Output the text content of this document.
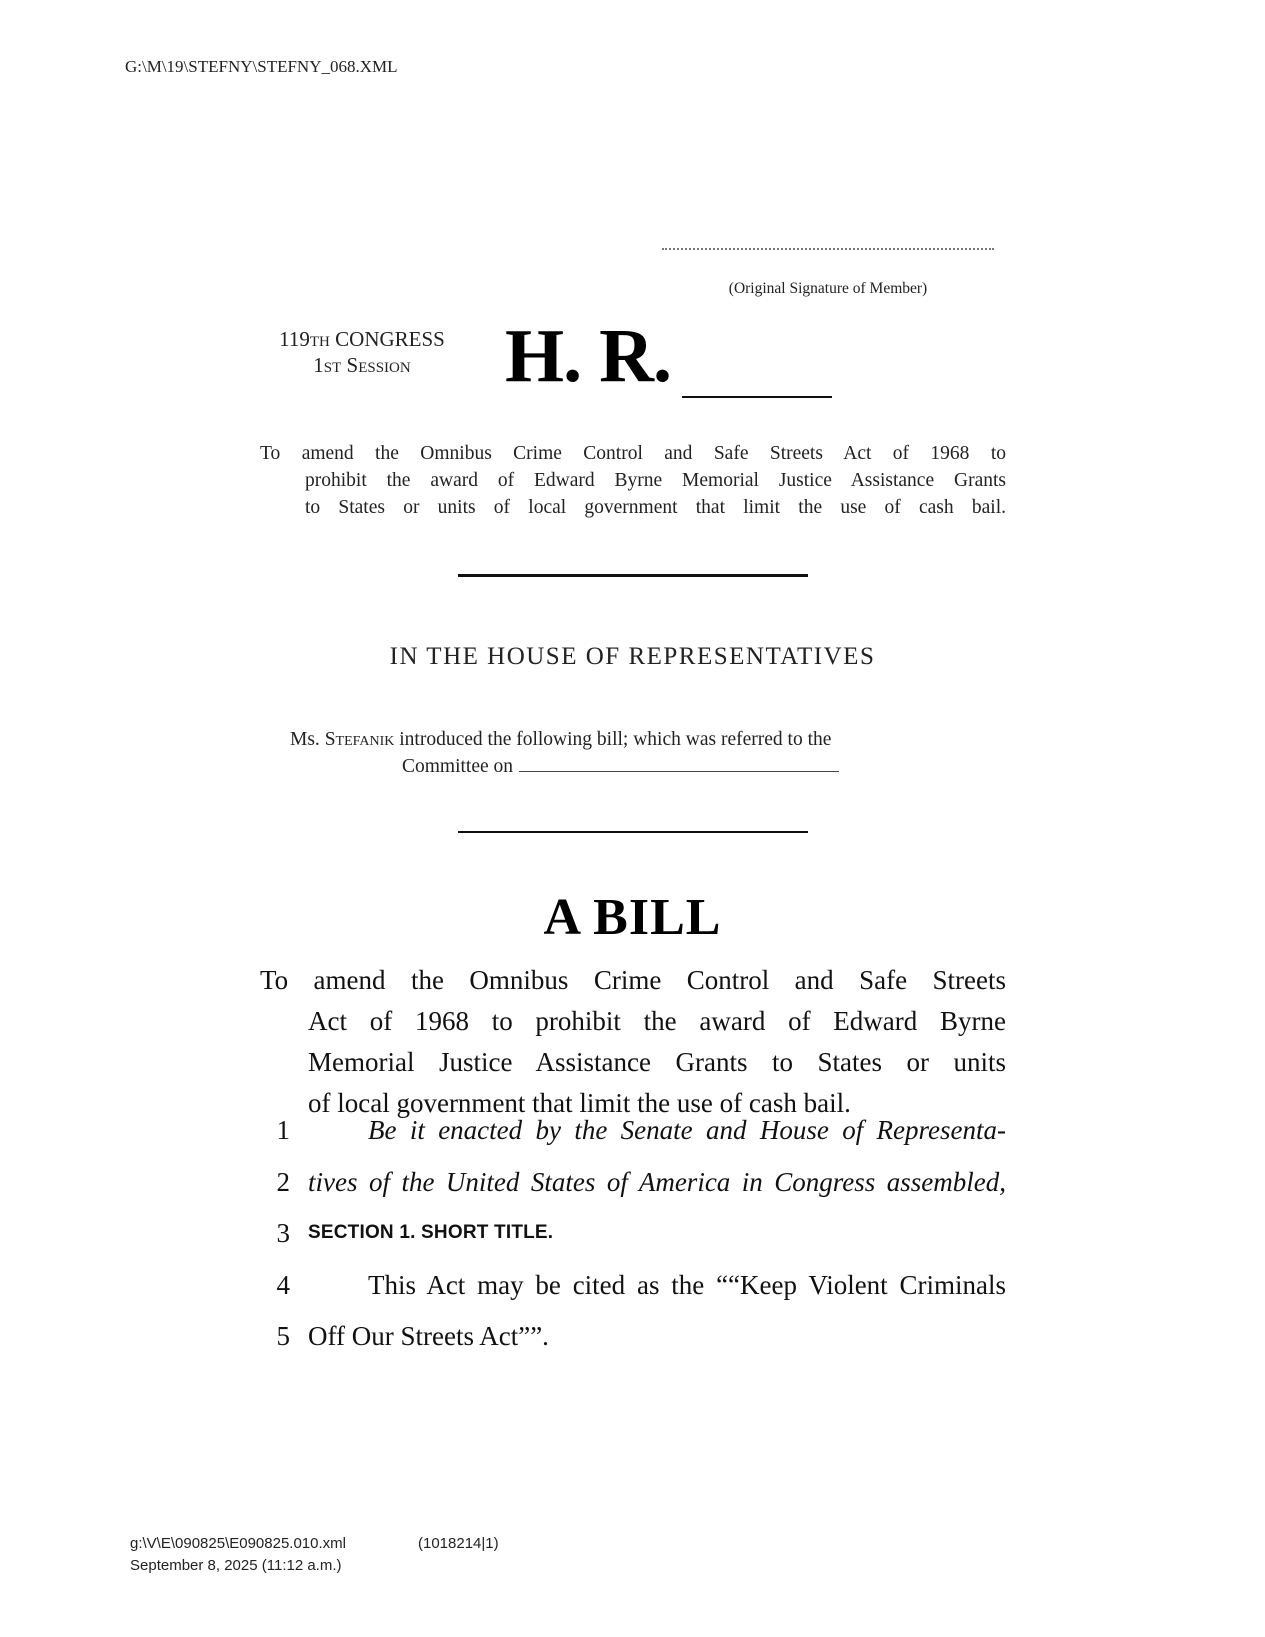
G:\M\19\STEFNY\STEFNY_068.XML
(Original Signature of Member)
119TH CONGRESS
1ST Session	H. R.
To amend the Omnibus Crime Control and Safe Streets Act of 1968 to
prohibit the award of Edward Byrne Memorial Justice Assistance Grants
to States or units of local government that limit the use of cash bail.
IN THE HOUSE OF REPRESENTATIVES
Ms. Stefanik introduced the following bill; which was referred to the
Committee on
A BILL
To amend the Omnibus Crime Control and Safe Streets
Act of 1968 to prohibit the award of Edward Byrne
Memorial Justice Assistance Grants to States or units
of local government that limit the use of cash bail.
1	Be it enacted by the Senate and House of Representa-
2 tives of the United States of America in Congress assembled,
3 SECTION 1. SHORT TITLE.
4	This Act may be cited as the ““Keep Violent Criminals
5 Off Our Streets Act””.
g:\V\E\090825\E090825.010.xml	(1018214|1)
September 8, 2025 (11:12 a.m.)
